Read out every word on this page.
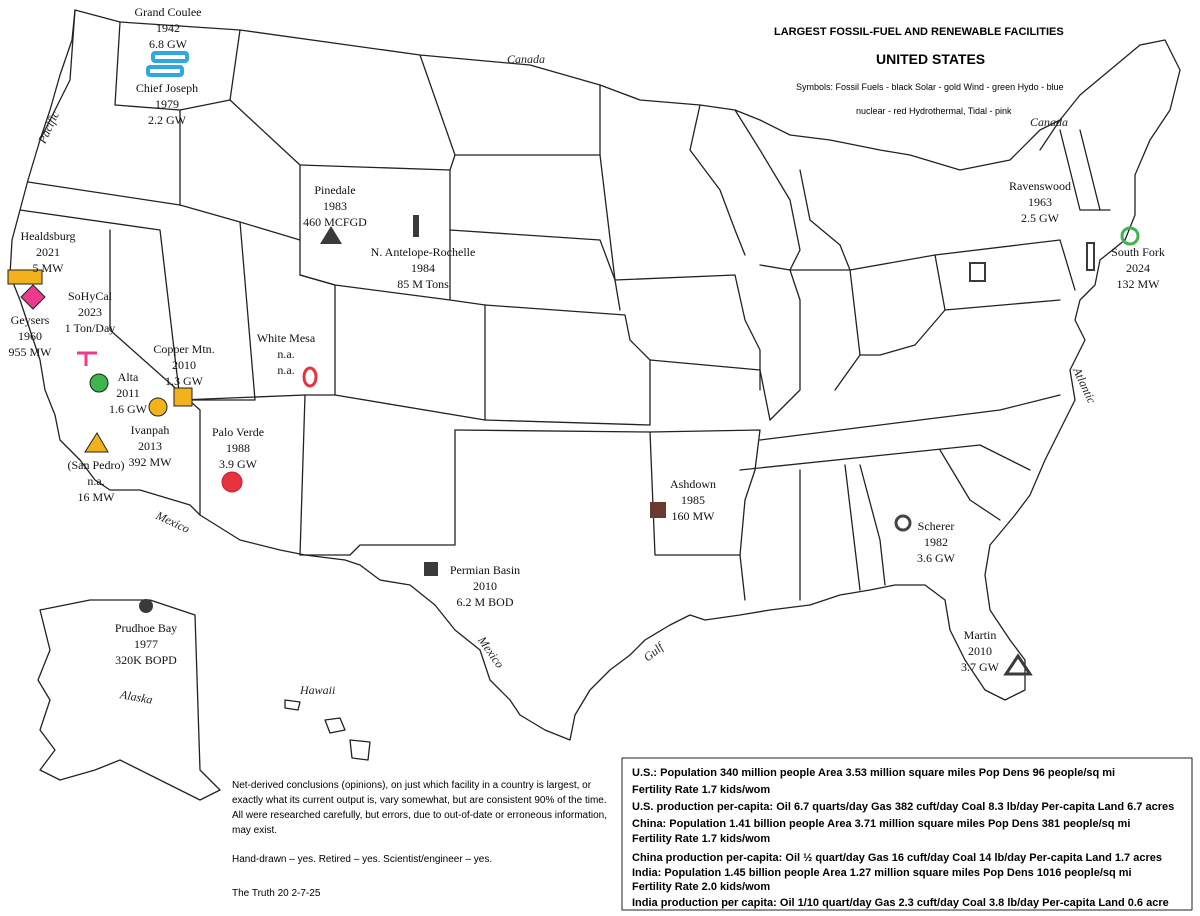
LARGEST FOSSIL-FUEL AND RENEWABLE FACILITIES
UNITED STATES
Symbols: Fossil Fuels - black Solar - gold Wind - green Hydo - blue
nuclear - red Hydrothermal, Tidal - pink
Canada
Canada
Pacific
Atlantic
Mexico
Mexico	Gulf
Hawaii
Alaska
Grand Coulee
1942
6.8 GW
Chief Joseph
1979
2.2 GW
Healdsburg
2021
5 MW
Geysers
1960
955 MW
SoHyCal
2023
1 Ton/Day
Alta
2011
1.6 GW
Copper Mtn.
2010
1.3 GW
Ivanpah
2013
392 MW
(San Pedro)
n.a.
16 MW
White Mesa
n.a.
n.a.
Palo Verde
1988
3.9 GW
Pinedale
1983
460 MCFGD
N. Antelope-Rochelle
1984
85 M Tons
Permian Basin
2010
6.2 M BOD
Ashdown
1985
160 MW
Scherer
1982
3.6 GW
Martin
2010
3.7 GW
Ravenswood
1963
2.5 GW
South Fork
2024
132 MW
Prudhoe Bay
1977
320K BOPD
Net-derived conclusions (opinions), on just which facility in a country is largest, or exactly what its current output is, vary somewhat, but are consistent 90% of the time. All were researched carefully, but errors, due to out-of-date or erroneous information, may exist.
Hand-drawn – yes. Retired – yes. Scientist/engineer – yes.
The Truth 20 2-7-25
U.S.: Population 340 million people Area 3.53 million square miles Pop Dens 96 people/sq mi
Fertility Rate 1.7 kids/wom
U.S. production per-capita: Oil 6.7 quarts/day Gas 382 cuft/day Coal 8.3 lb/day Per-capita Land 6.7 acres
China: Population 1.41 billion people Area 3.71 million square miles Pop Dens 381 people/sq mi
Fertility Rate 1.7 kids/wom
China production per-capita: Oil ½ quart/day Gas 16 cuft/day Coal 14 lb/day Per-capita Land 1.7 acres
India: Population 1.45 billion people Area 1.27 million square miles Pop Dens 1016 people/sq mi
Fertility Rate 2.0 kids/wom
India production per capita: Oil 1/10 quart/day Gas 2.3 cuft/day Coal 3.8 lb/day Per-capita Land 0.6 acre
